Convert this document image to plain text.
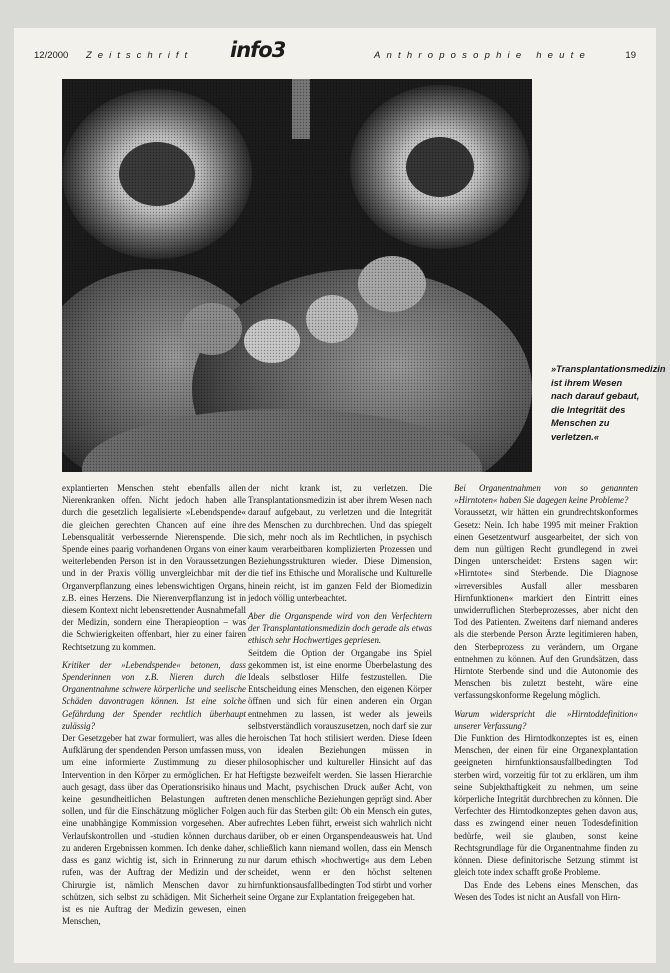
12/2000 Zeitschrift info3	Anthroposophie heute	19
»Transplantationsmedizin ist ihrem Wesen nach darauf gebaut, die Integrität des Menschen zu verletzen.«

explantierten Menschen steht ebenfalls allen Nierenkranken offen. Nicht jedoch haben alle durch die gesetzlich legalisierte »Lebendspende« die gleichen gerechten Chancen auf eine ihre Lebensqualität verbessernde Nierenspende. Die Spende eines paarig vorhandenen Organs von einer weiterlebenden Person ist in den Voraussetzungen und in der Praxis völlig unvergleichbar mit der Organverpflanzung eines lebenswichtigen Organs, z.B. eines Herzens. Die Nierenverpflanzung ist in diesem Kontext nicht lebensrettender Ausnahmefall der Medizin, sondern eine Therapieoption – was die Schwierigkeiten offenbart, hier zu einer fairen Rechtsetzung zu kommen.

Kritiker der »Lebendspende« betonen, dass Spenderinnen von z.B. Nieren durch die Organentnahme schwere körperliche und seelische Schäden davontragen können. Ist eine solche Gefährdung der Spender rechtlich überhaupt zulässig?

Der Gesetzgeber hat zwar formuliert, was alles die Aufklärung der spendenden Person umfassen muss, um eine informierte Zustimmung zu dieser Intervention in den Körper zu ermöglichen. Er hat auch gesagt, dass über das Operationsrisiko hinaus keine gesundheitlichen Belastungen auftreten sollen, und für die Einschätzung möglicher Folgen eine unabhängige Kommission vorgesehen. Aber Verlaufskontrollen und -studien können durchaus zu anderen Ergebnissen kommen. Ich denke daher, dass es ganz wichtig ist, sich in Erinnerung zu rufen, was der Auftrag der Medizin und der Chirurgie ist, nämlich Menschen davor zu schützen, sich selbst zu schädigen. Mit Sicherheit ist es nie Auftrag der Medizin gewesen, einen Menschen,

der nicht krank ist, zu verletzen. Die Transplantationsmedizin ist aber ihrem Wesen nach darauf aufgebaut, zu verletzen und die Integrität des Menschen zu durchbrechen. Und das spiegelt sich, mehr noch als im Rechtlichen, in psychisch kaum verarbeitbaren komplizierten Prozessen und Beziehungsstrukturen wieder. Diese Dimension, die tief ins Ethische und Moralische und Kulturelle hinein reicht, ist im ganzen Feld der Biomedizin jedoch völlig unterbeachtet.

Aber die Organspende wird von den Verfechtern der Transplantationsmedizin doch gerade als etwas ethisch sehr Hochwertiges gepriesen.

Seitdem die Option der Organgabe ins Spiel gekommen ist, ist eine enorme Überbelastung des Ideals selbstloser Hilfe festzustellen. Die Entscheidung eines Menschen, den eigenen Körper öffnen und sich für einen anderen ein Organ entnehmen zu lassen, ist weder als jeweils selbstverständlich vorauszusetzen, noch darf sie zur heroischen Tat hoch stilisiert werden. Diese Ideen von idealen Beziehungen müssen in philosophischer und kultureller Hinsicht auf das Heftigste bezweifelt werden. Sie lassen Hierarchie und Macht, psychischen Druck außer Acht, von denen menschliche Beziehungen geprägt sind. Aber auch für das Sterben gilt: Ob ein Mensch ein gutes, aufrechtes Leben führt, erweist sich wahrlich nicht darüber, ob er einen Organspendeausweis hat. Und schließlich kann niemand wollen, dass ein Mensch nur darum ethisch »hochwertig« aus dem Leben scheidet, wenn er den höchst seltenen hirnfunktionsausfallbedingten Tod stirbt und vorher seine Organe zur Explantation freigegeben hat.

Bei Organentnahmen von so genannten »Hirntoten« haben Sie dagegen keine Probleme?

Voraussetzt, wir hätten ein grundrechtskonformes Gesetz: Nein. Ich habe 1995 mit meiner Fraktion einen Gesetzentwurf ausgearbeitet, der sich von dem nun gültigen Recht grundlegend in zwei Dingen unterscheidet: Erstens sagen wir: »Hirntote« sind Sterbende. Die Diagnose »irreversibles Ausfall aller messbaren Hirnfunktionen« markiert den Eintritt eines unwiderruflichen Sterbeprozesses, aber nicht den Tod des Patienten. Zweitens darf niemand anderes als die sterbende Person Ärzte legitimieren haben, den Sterbeprozess zu verändern, um Organe entnehmen zu können. Auf den Grundsätzen, dass Hirntote Sterbende sind und die Autonomie des Menschen bis zuletzt besteht, wäre eine verfassungskonforme Regelung möglich.

Warum widerspricht die »Hirntoddefinition« unserer Verfassung?

Die Funktion des Hirntodkonzeptes ist es, einen Menschen, der einen für eine Organexplantation geeigneten hirnfunktionsausfallbedingten Tod sterben wird, vorzeitig für tot zu erklären, um ihm seine Subjekthaftigkeit zu nehmen, um seine körperliche Integrität durchbrechen zu können. Die Verfechter des Hirntodkonzeptes gehen davon aus, dass es zwingend einer neuen Todesdefinition bedürfe, weil sie glauben, sonst keine Rechtsgrundlage für die Organentnahme finden zu können. Diese definitorische Setzung stimmt ist gleich tote index schafft große Probleme.

Das Ende des Lebens eines Menschen, das Wesen des Todes ist nicht an Ausfall von Hirn-
